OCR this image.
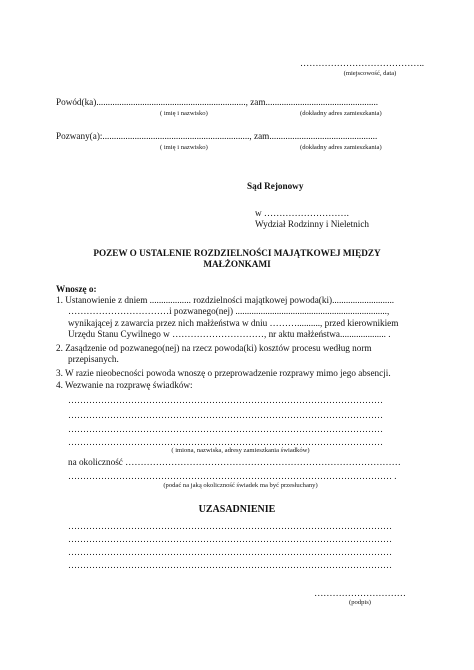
…………………………………..
(miejscowość, data)
Powód(ka)................................................................., zam.................................................
( imię i nazwisko)	(dokładny adres zamieszkania)
Pozwany(a):................................................................, zam...............................................
( imię i nazwisko)	(dokładny adres zamieszkania)
Sąd Rejonowy
w ……………………….
Wydział Rodzinny i Nieletnich
POZEW O USTALENIE ROZDZIELNOŚCI MAJĄTKOWEJ MIĘDZY
MAŁŻONKAMI
Wnoszę o:
1. Ustanowienie z dniem .................. rozdzielności majątkowej powoda(ki)...........................
……………………………i pozwanego(nej) ..................................................................,
wynikającej z zawarcia przez nich małżeństwa w dniu ……….........., przed kierownikiem
Urzędu Stanu Cywilnego w …………………………, nr aktu małżeństwa.................... .
2. Zasądzenie od pozwanego(nej) na rzecz powoda(ki) kosztów procesu według norm
przepisanych.
3. W razie nieobecności powoda wnoszę o przeprowadzenie rozprawy mimo jego absencji.
4. Wezwanie na rozprawę świadków:
……………………………………………………………………………………………
……………………………………………………………………………………………
……………………………………………………………………………………………
……………………………………………………………………………………………
( imiona, nazwiska, adresy zamieszkania świadków)
na okoliczność ………………………………………………………………………………
……………………………………………………………………………………………… .
(podać na jaką okoliczność świadek ma być przesłuchany)
UZASADNIENIE
………………………………………………………………………………………………
………………………………………………………………………………………………
………………………………………………………………………………………………
………………………………………………………………………………………………
…………………………
(podpis)
